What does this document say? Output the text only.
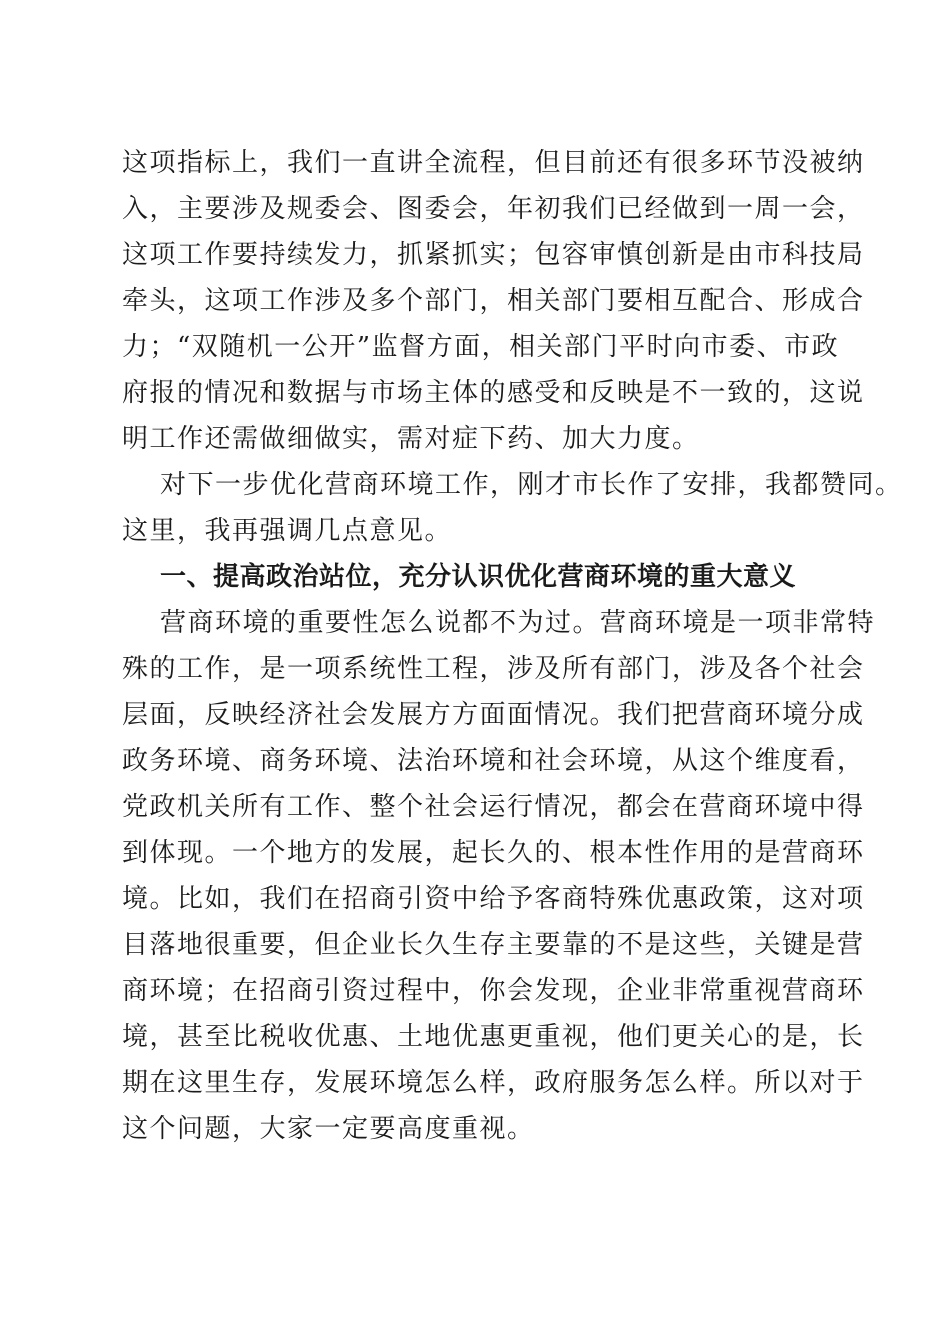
这项指标上，我们一直讲全流程，但目前还有很多环节没被纳
入，主要涉及规委会、图委会，年初我们已经做到一周一会，
这项工作要持续发力，抓紧抓实；包容审慎创新是由市科技局
牵头，这项工作涉及多个部门，相关部门要相互配合、形成合
力；“双随机一公开”监督方面，相关部门平时向市委、市政
府报的情况和数据与市场主体的感受和反映是不一致的，这说
明工作还需做细做实，需对症下药、加大力度。
对下一步优化营商环境工作，刚才市长作了安排，我都赞同。
这里，我再强调几点意见。
一、提高政治站位，充分认识优化营商环境的重大意义
营商环境的重要性怎么说都不为过。营商环境是一项非常特
殊的工作，是一项系统性工程，涉及所有部门，涉及各个社会
层面，反映经济社会发展方方面面情况。我们把营商环境分成
政务环境、商务环境、法治环境和社会环境，从这个维度看，
党政机关所有工作、整个社会运行情况，都会在营商环境中得
到体现。一个地方的发展，起长久的、根本性作用的是营商环
境。比如，我们在招商引资中给予客商特殊优惠政策，这对项
目落地很重要，但企业长久生存主要靠的不是这些，关键是营
商环境；在招商引资过程中，你会发现，企业非常重视营商环
境，甚至比税收优惠、土地优惠更重视，他们更关心的是，长
期在这里生存，发展环境怎么样，政府服务怎么样。所以对于
这个问题，大家一定要高度重视。
